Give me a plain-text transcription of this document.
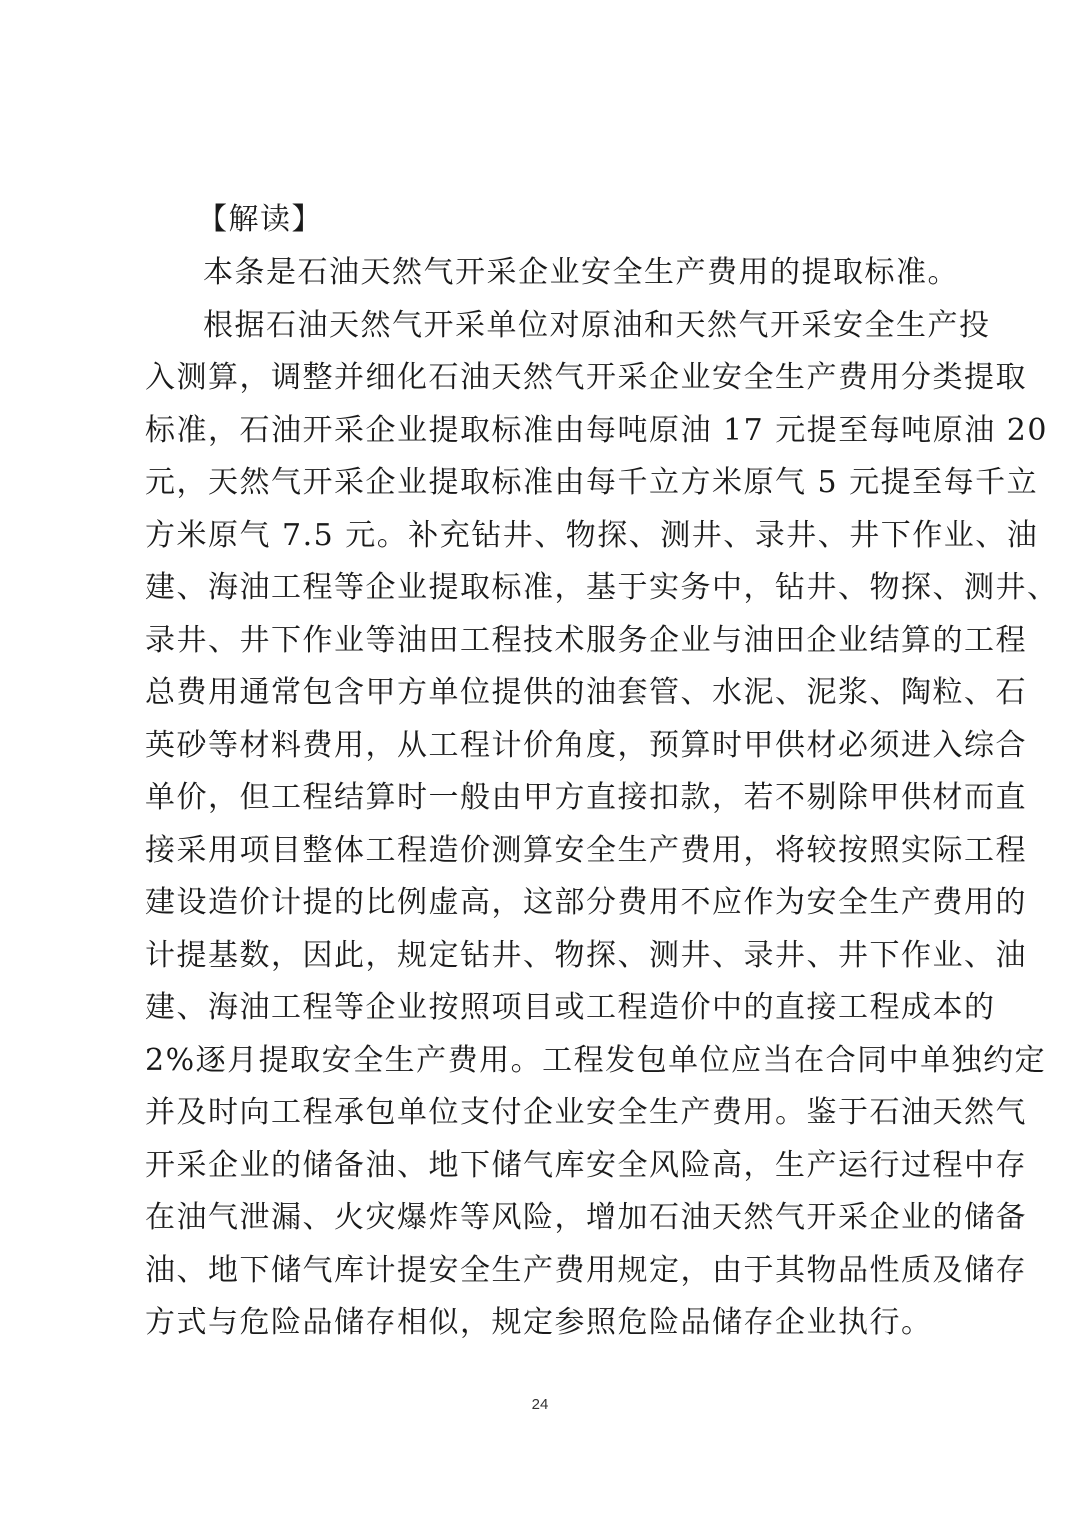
【解读】
本条是石油天然气开采企业安全生产费用的提取标准。
根据石油天然气开采单位对原油和天然气开采安全生产投
入测算，调整并细化石油天然气开采企业安全生产费用分类提取
标准，石油开采企业提取标准由每吨原油 17 元提至每吨原油 20
元，天然气开采企业提取标准由每千立方米原气 5 元提至每千立
方米原气 7.5 元。补充钻井、物探、测井、录井、井下作业、油
建、海油工程等企业提取标准，基于实务中，钻井、物探、测井、
录井、井下作业等油田工程技术服务企业与油田企业结算的工程
总费用通常包含甲方单位提供的油套管、水泥、泥浆、陶粒、石
英砂等材料费用，从工程计价角度，预算时甲供材必须进入综合
单价，但工程结算时一般由甲方直接扣款，若不剔除甲供材而直
接采用项目整体工程造价测算安全生产费用，将较按照实际工程
建设造价计提的比例虚高，这部分费用不应作为安全生产费用的
计提基数，因此，规定钻井、物探、测井、录井、井下作业、油
建、海油工程等企业按照项目或工程造价中的直接工程成本的
2%逐月提取安全生产费用。工程发包单位应当在合同中单独约定
并及时向工程承包单位支付企业安全生产费用。鉴于石油天然气
开采企业的储备油、地下储气库安全风险高，生产运行过程中存
在油气泄漏、火灾爆炸等风险，增加石油天然气开采企业的储备
油、地下储气库计提安全生产费用规定，由于其物品性质及储存
方式与危险品储存相似，规定参照危险品储存企业执行。
24
